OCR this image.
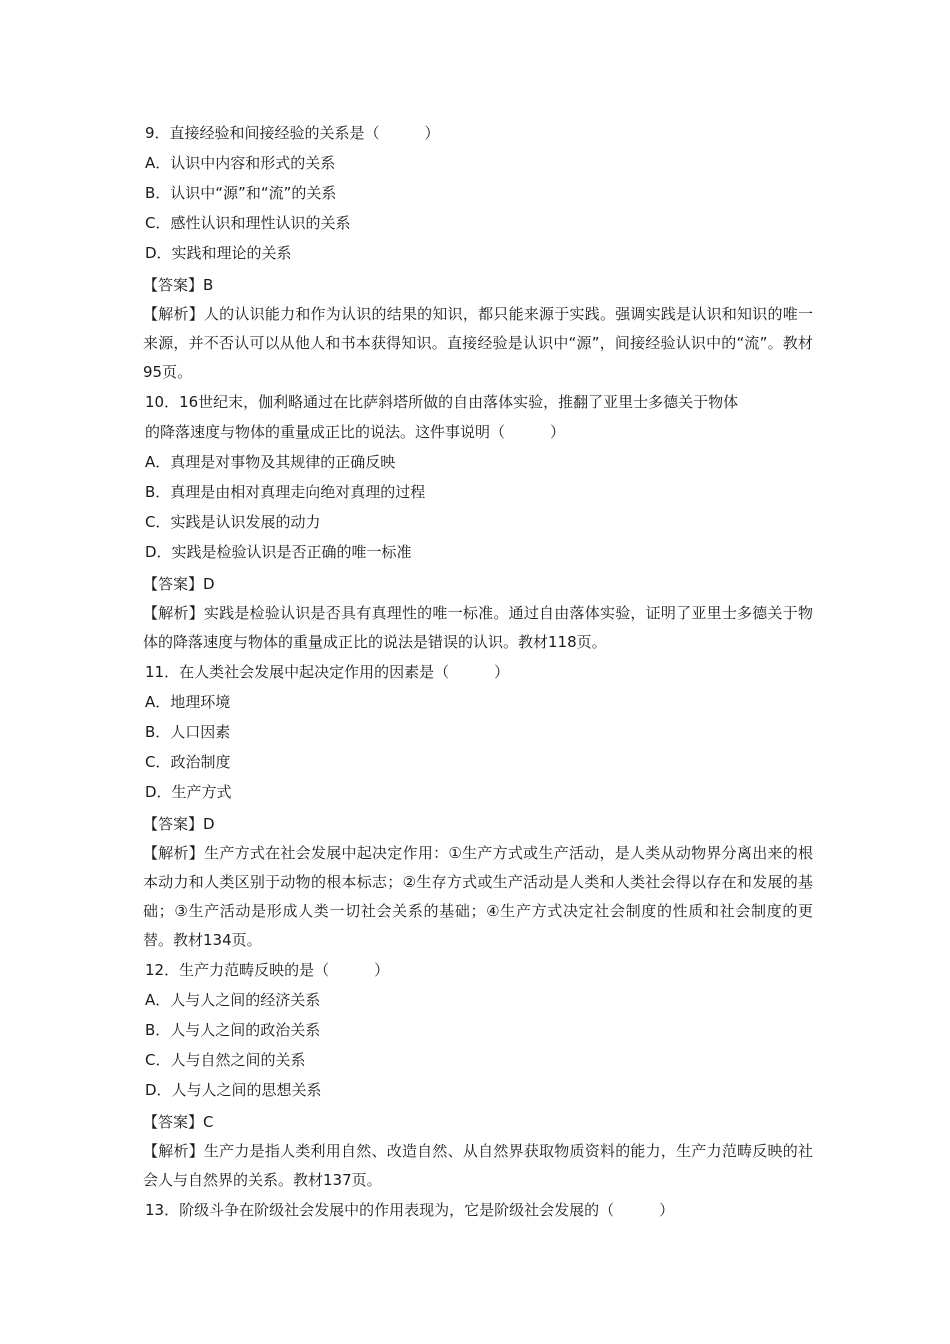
9．直接经验和间接经验的关系是（　　　）
A．认识中内容和形式的关系
B．认识中“源”和“流”的关系
C．感性认识和理性认识的关系
D．实践和理论的关系
【答案】B
【解析】人的认识能力和作为认识的结果的知识，都只能来源于实践。强调实践是认识和知识的唯一来源，并不否认可以从他人和书本获得知识。直接经验是认识中“源”，间接经验认识中的“流”。教材95页。
10．16世纪末，伽利略通过在比萨斜塔所做的自由落体实验，推翻了亚里士多德关于物体
的降落速度与物体的重量成正比的说法。这件事说明（　　　）
A．真理是对事物及其规律的正确反映
B．真理是由相对真理走向绝对真理的过程
C．实践是认识发展的动力
D．实践是检验认识是否正确的唯一标准
【答案】D
【解析】实践是检验认识是否具有真理性的唯一标准。通过自由落体实验，证明了亚里士多德关于物体的降落速度与物体的重量成正比的说法是错误的认识。教材118页。
11．在人类社会发展中起决定作用的因素是（　　　）
A．地理环境
B．人口因素
C．政治制度
D．生产方式
【答案】D
【解析】生产方式在社会发展中起决定作用：①生产方式或生产活动，是人类从动物界分离出来的根本动力和人类区别于动物的根本标志；②生存方式或生产活动是人类和人类社会得以存在和发展的基础；③生产活动是形成人类一切社会关系的基础；④生产方式决定社会制度的性质和社会制度的更替。教材134页。
12．生产力范畴反映的是（　　　）
A．人与人之间的经济关系
B．人与人之间的政治关系
C．人与自然之间的关系
D．人与人之间的思想关系
【答案】C
【解析】生产力是指人类利用自然、改造自然、从自然界获取物质资料的能力，生产力范畴反映的社会人与自然界的关系。教材137页。
13．阶级斗争在阶级社会发展中的作用表现为，它是阶级社会发展的（　　　）
